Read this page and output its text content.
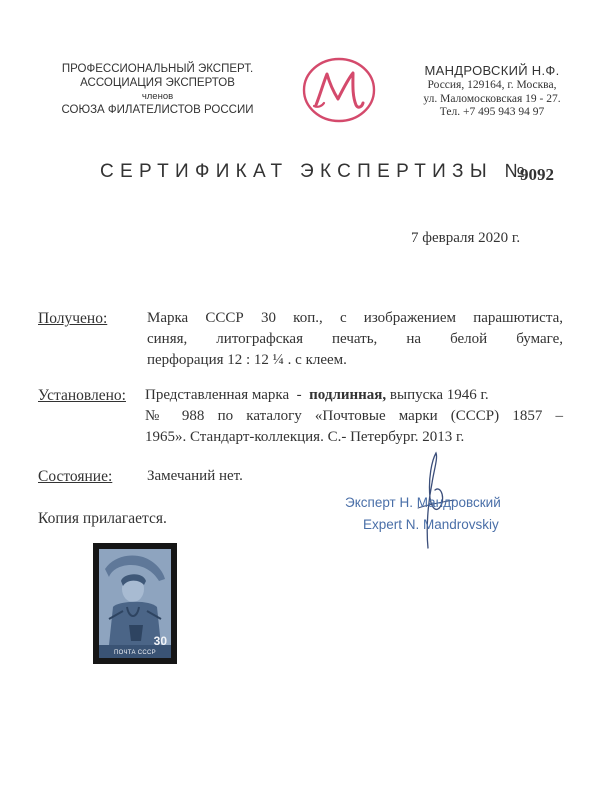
ПРОФЕССИОНАЛЬНЫЙ ЭКСПЕРТ.
АССОЦИАЦИЯ ЭКСПЕРТОВ
членов
СОЮЗА ФИЛАТЕЛИСТОВ РОССИИ
МАНДРОВСКИЙ Н.Ф.
Россия, 129164, г. Москва,
ул. Маломосковская 19 - 27.
Тел. +7 495 943 94 97
СЕРТИФИКАТ ЭКСПЕРТИЗЫ №
9092
7 февраля 2020 г.
Получено:	Марка СССР 30 коп., с изображением парашютиста,
синяя, литографская печать, на белой бумаге,
перфорация 12 : 12 ¼ . с клеем.
Установлено: Представленная марка  -  подлинная, выпуска 1946 г.
№ 988 по каталогу «Почтовые марки (СССР) 1857 –
1965». Стандарт-коллекция. С.- Петербург. 2013 г.
Состояние: Замечаний нет.
Копия прилагается.
Эксперт Н. Мандровский
Expert N. Mandrovskiy
30
ПОЧТА СССР
